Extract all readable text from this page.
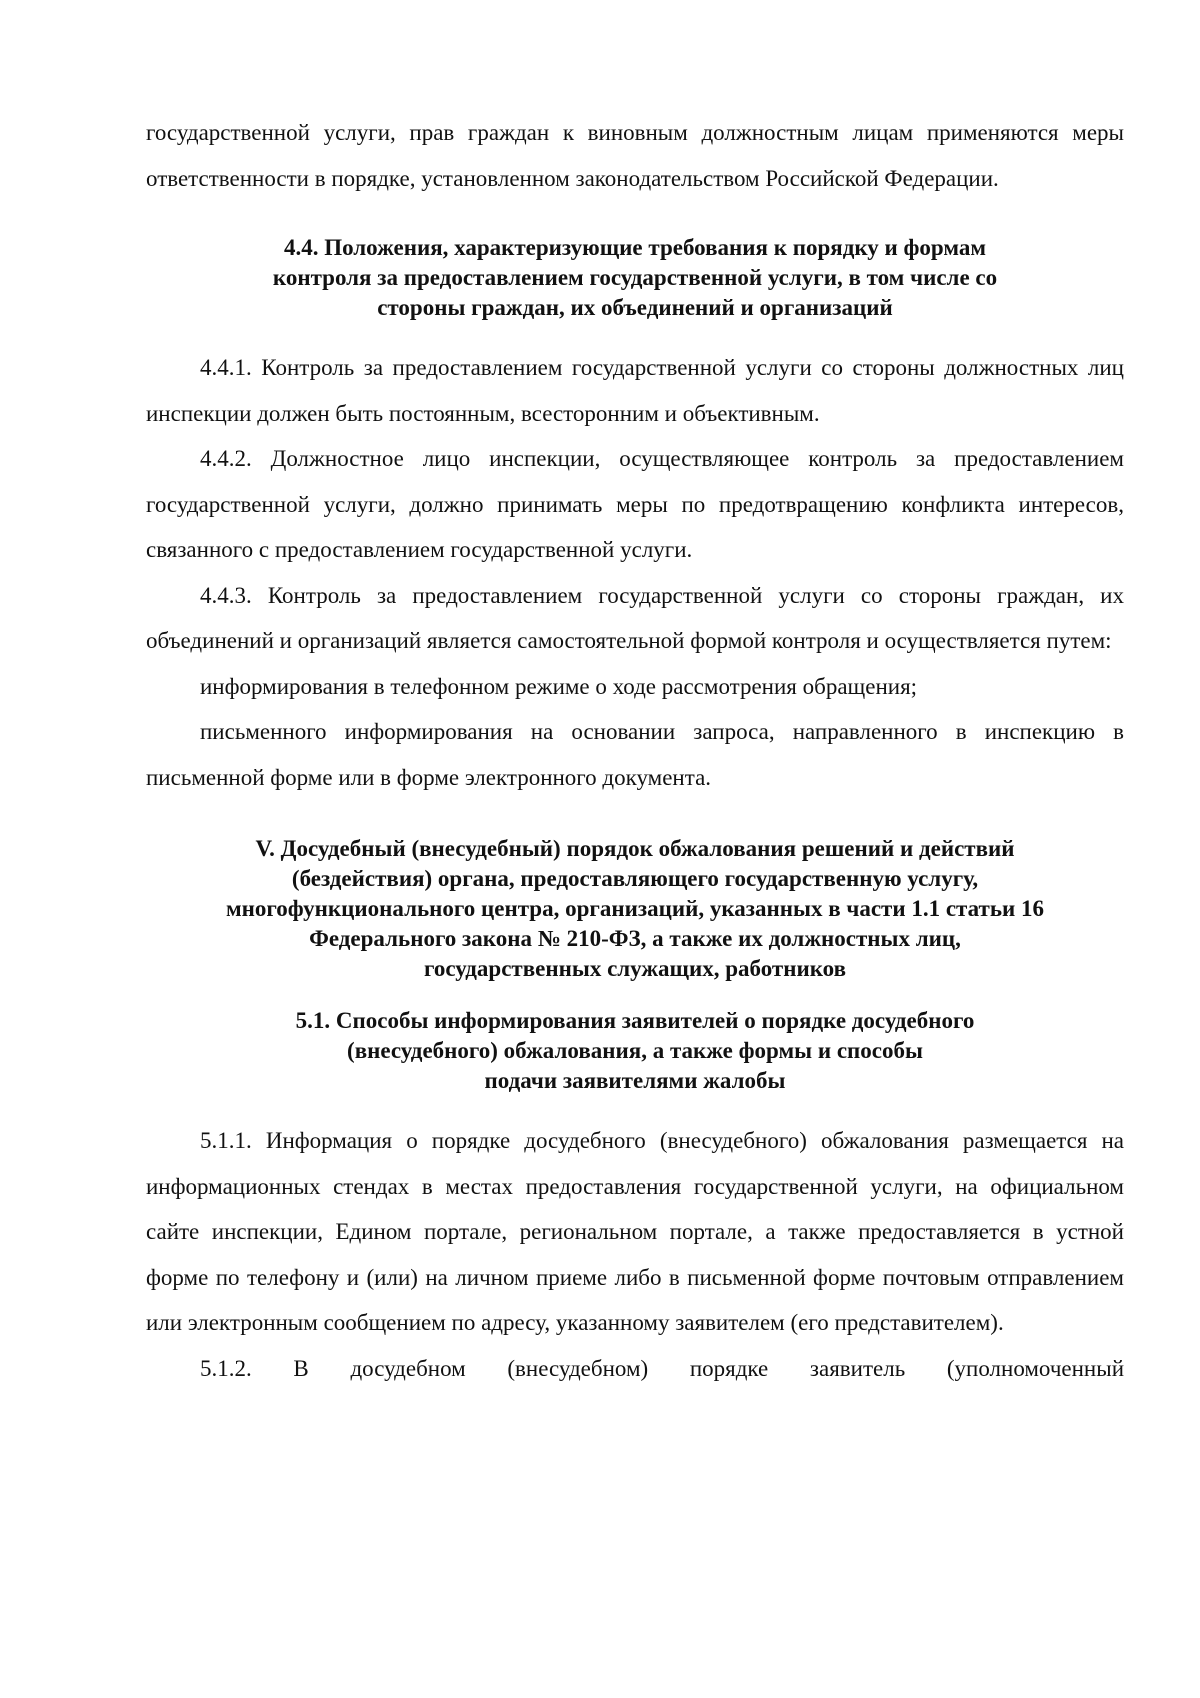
государственной услуги, прав граждан к виновным должностным лицам применяются меры ответственности в порядке, установленном законодательством Российской Федерации.

4.4. Положения, характеризующие требования к порядку и формам
контроля за предоставлением государственной услуги, в том числе со
стороны граждан, их объединений и организаций

4.4.1. Контроль за предоставлением государственной услуги со стороны должностных лиц инспекции должен быть постоянным, всесторонним и объективным.

4.4.2. Должностное лицо инспекции, осуществляющее контроль за предоставлением государственной услуги, должно принимать меры по предотвращению конфликта интересов, связанного с предоставлением государственной услуги.

4.4.3. Контроль за предоставлением государственной услуги со стороны граждан, их объединений и организаций является самостоятельной формой контроля и осуществляется путем:

информирования в телефонном режиме о ходе рассмотрения обращения;

письменного информирования на основании запроса, направленного в инспекцию в письменной форме или в форме электронного документа.

V. Досудебный (внесудебный) порядок обжалования решений и действий
(бездействия) органа, предоставляющего государственную услугу,
многофункционального центра, организаций, указанных в части 1.1 статьи 16
Федерального закона № 210-ФЗ, а также их должностных лиц,
государственных служащих, работников
5.1. Способы информирования заявителей о порядке досудебного
(внесудебного) обжалования, а также формы и способы
подачи заявителями жалобы

5.1.1. Информация о порядке досудебного (внесудебного) обжалования размещается на информационных стендах в местах предоставления государственной услуги, на официальном сайте инспекции, Едином портале, региональном портале, а также предоставляется в устной форме по телефону и (или) на личном приеме либо в письменной форме почтовым отправлением или электронным сообщением по адресу, указанному заявителем (его представителем).

5.1.2. В досудебном (внесудебном) порядке заявитель (уполномоченный
